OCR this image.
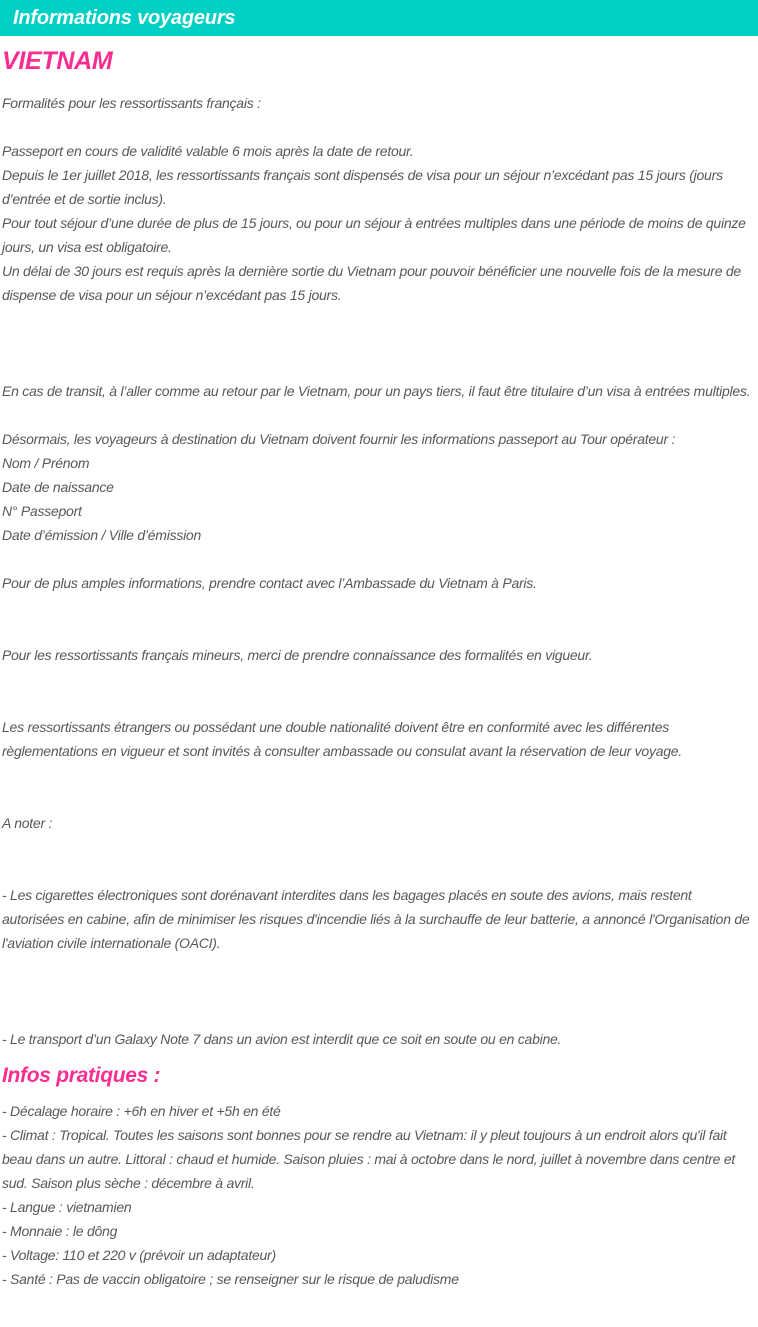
Informations voyageurs
VIETNAM

Formalités pour les ressortissants français :

Passeport en cours de validité valable 6 mois après la date de retour.

Depuis le 1er juillet 2018, les ressortissants français sont dispensés de visa pour un séjour n’excédant pas 15 jours (jours d’entrée et de sortie inclus).

Pour tout séjour d’une durée de plus de 15 jours, ou pour un séjour à entrées multiples dans une période de moins de quinze jours, un visa est obligatoire.

Un délai de 30 jours est requis après la dernière sortie du Vietnam pour pouvoir bénéficier une nouvelle fois de la mesure de dispense de visa pour un séjour n’excédant pas 15 jours.

En cas de transit, à l’aller comme au retour par le Vietnam, pour un pays tiers, il faut être titulaire d’un visa à entrées multiples.

Désormais, les voyageurs à destination du Vietnam doivent fournir les informations passeport au Tour opérateur :

Nom / Prénom

Date de naissance

N° Passeport

Date d’émission / Ville d’émission

Pour de plus amples informations, prendre contact avec l’Ambassade du Vietnam à Paris.

Pour les ressortissants français mineurs, merci de prendre connaissance des formalités en vigueur.

Les ressortissants étrangers ou possédant une double nationalité doivent être en conformité avec les différentes règlementations en vigueur et sont invités à consulter ambassade ou consulat avant la réservation de leur voyage.

A noter :

- Les cigarettes électroniques sont dorénavant interdites dans les bagages placés en soute des avions, mais restent autorisées en cabine, afin de minimiser les risques d'incendie liés à la surchauffe de leur batterie, a annoncé l'Organisation de l'aviation civile internationale (OACI).

- Le transport d’un Galaxy Note 7 dans un avion est interdit que ce soit en soute ou en cabine.

Infos pratiques :

- Décalage horaire : +6h en hiver et +5h en été

- Climat : Tropical. Toutes les saisons sont bonnes pour se rendre au Vietnam: il y pleut toujours à un endroit alors qu'il fait beau dans un autre. Littoral : chaud et humide. Saison pluies : mai à octobre dans le nord, juillet à novembre dans centre et sud. Saison plus sèche : décembre à avril.

- Langue : vietnamien

- Monnaie : le dông

- Voltage: 110 et 220 v (prévoir un adaptateur)

- Santé : Pas de vaccin obligatoire ; se renseigner sur le risque de paludisme
